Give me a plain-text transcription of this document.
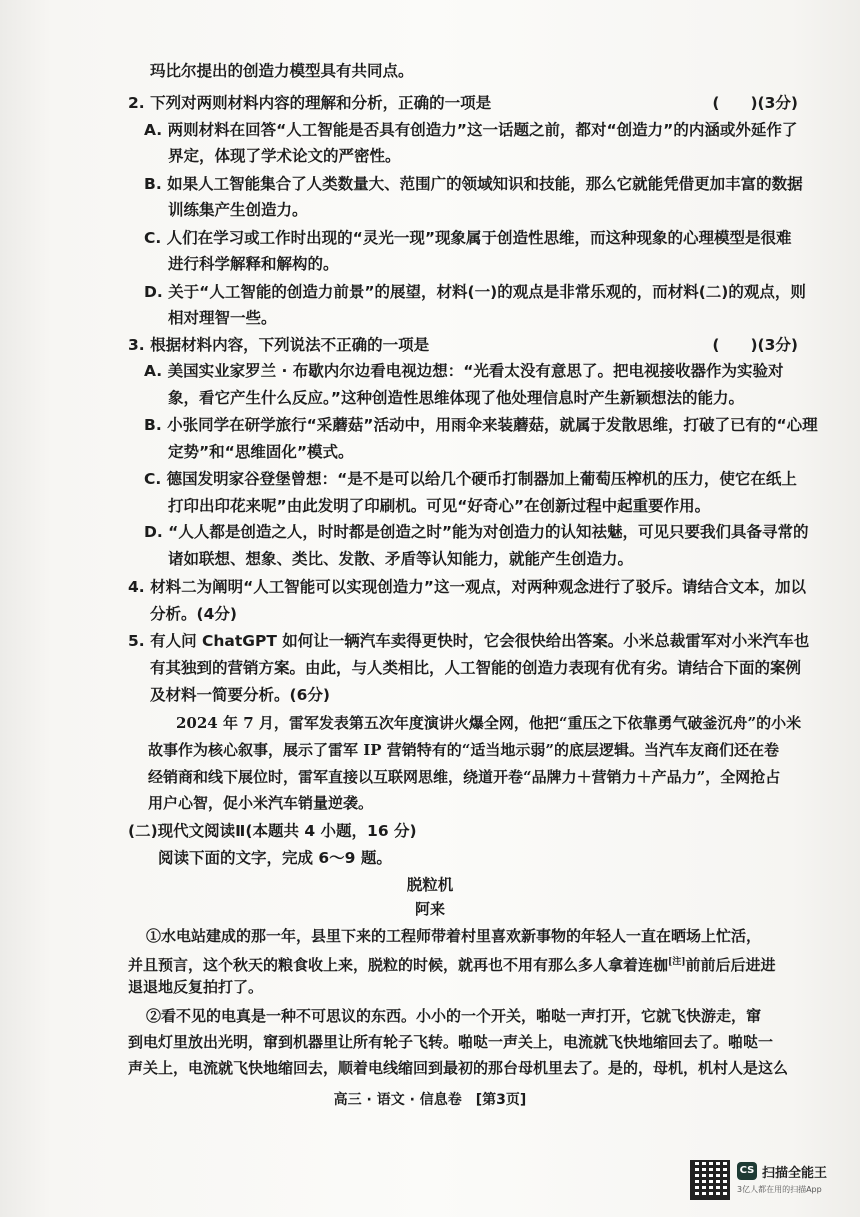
玛比尔提出的创造力模型具有共同点。
2. 下列对两则材料内容的理解和分析，正确的一项是	(　　)(3分)
A. 两则材料在回答“人工智能是否具有创造力”这一话题之前，都对“创造力”的内涵或外延作了
界定，体现了学术论文的严密性。
B. 如果人工智能集合了人类数量大、范围广的领域知识和技能，那么它就能凭借更加丰富的数据
训练集产生创造力。
C. 人们在学习或工作时出现的“灵光一现”现象属于创造性思维，而这种现象的心理模型是很难
进行科学解释和解构的。
D. 关于“人工智能的创造力前景”的展望，材料(一)的观点是非常乐观的，而材料(二)的观点，则
相对理智一些。
3. 根据材料内容，下列说法不正确的一项是	(　　)(3分)
A. 美国实业家罗兰 · 布歇内尔边看电视边想：“光看太没有意思了。把电视接收器作为实验对
象，看它产生什么反应。”这种创造性思维体现了他处理信息时产生新颖想法的能力。
B. 小张同学在研学旅行“采蘑菇”活动中，用雨伞来装蘑菇，就属于发散思维，打破了已有的“心理
定势”和“思维固化”模式。
C. 德国发明家谷登堡曾想：“是不是可以给几个硬币打制器加上葡萄压榨机的压力，使它在纸上
打印出印花来呢”由此发明了印刷机。可见“好奇心”在创新过程中起重要作用。
D. “人人都是创造之人，时时都是创造之时”能为对创造力的认知祛魅，可见只要我们具备寻常的
诸如联想、想象、类比、发散、矛盾等认知能力，就能产生创造力。
4. 材料二为阐明“人工智能可以实现创造力”这一观点，对两种观念进行了驳斥。请结合文本，加以
分析。(4分)
5. 有人问 ChatGPT 如何让一辆汽车卖得更快时，它会很快给出答案。小米总裁雷军对小米汽车也
有其独到的营销方案。由此，与人类相比，人工智能的创造力表现有优有劣。请结合下面的案例
及材料一简要分析。(6分)
2024 年 7 月，雷军发表第五次年度演讲火爆全网，他把“重压之下依靠勇气破釜沉舟”的小米
故事作为核心叙事，展示了雷军 IP 营销特有的“适当地示弱”的底层逻辑。当汽车友商们还在卷
经销商和线下展位时，雷军直接以互联网思维，绕道开卷“品牌力＋营销力＋产品力”，全网抢占
用户心智，促小米汽车销量逆袭。
(二)现代文阅读Ⅱ(本题共 4 小题，16 分)
阅读下面的文字，完成 6～9 题。
脱粒机
阿来
①水电站建成的那一年，县里下来的工程师带着村里喜欢新事物的年轻人一直在晒场上忙活，
并且预言，这个秋天的粮食收上来，脱粒的时候，就再也不用有那么多人拿着连枷[注]前前后后进进
退退地反复拍打了。
②看不见的电真是一种不可思议的东西。小小的一个开关，啪哒一声打开，它就飞快游走，窜
到电灯里放出光明，窜到机器里让所有轮子飞转。啪哒一声关上，电流就飞快地缩回去了。啪哒一
声关上，电流就飞快地缩回去，顺着电线缩回到最初的那台母机里去了。是的，母机，机村人是这么
高三 · 语文 · 信息卷　[第3页]
CS 扫描全能王
3亿人都在用的扫描App
